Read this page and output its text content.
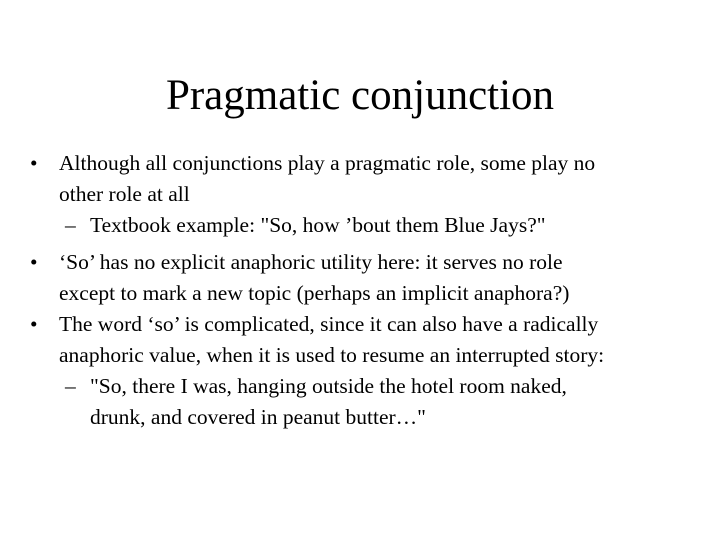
Pragmatic conjunction
• Although all conjunctions play a pragmatic role, some play no
other role at all
– Textbook example: "So, how ’bout them Blue Jays?"
• ‘So’ has no explicit anaphoric utility here: it serves no role
except to mark a new topic (perhaps an implicit anaphora?)
• The word ‘so’ is complicated, since it can also have a radically
anaphoric value, when it is used to resume an interrupted story:
– "So, there I was, hanging outside the hotel room naked,
drunk, and covered in peanut butter…"
